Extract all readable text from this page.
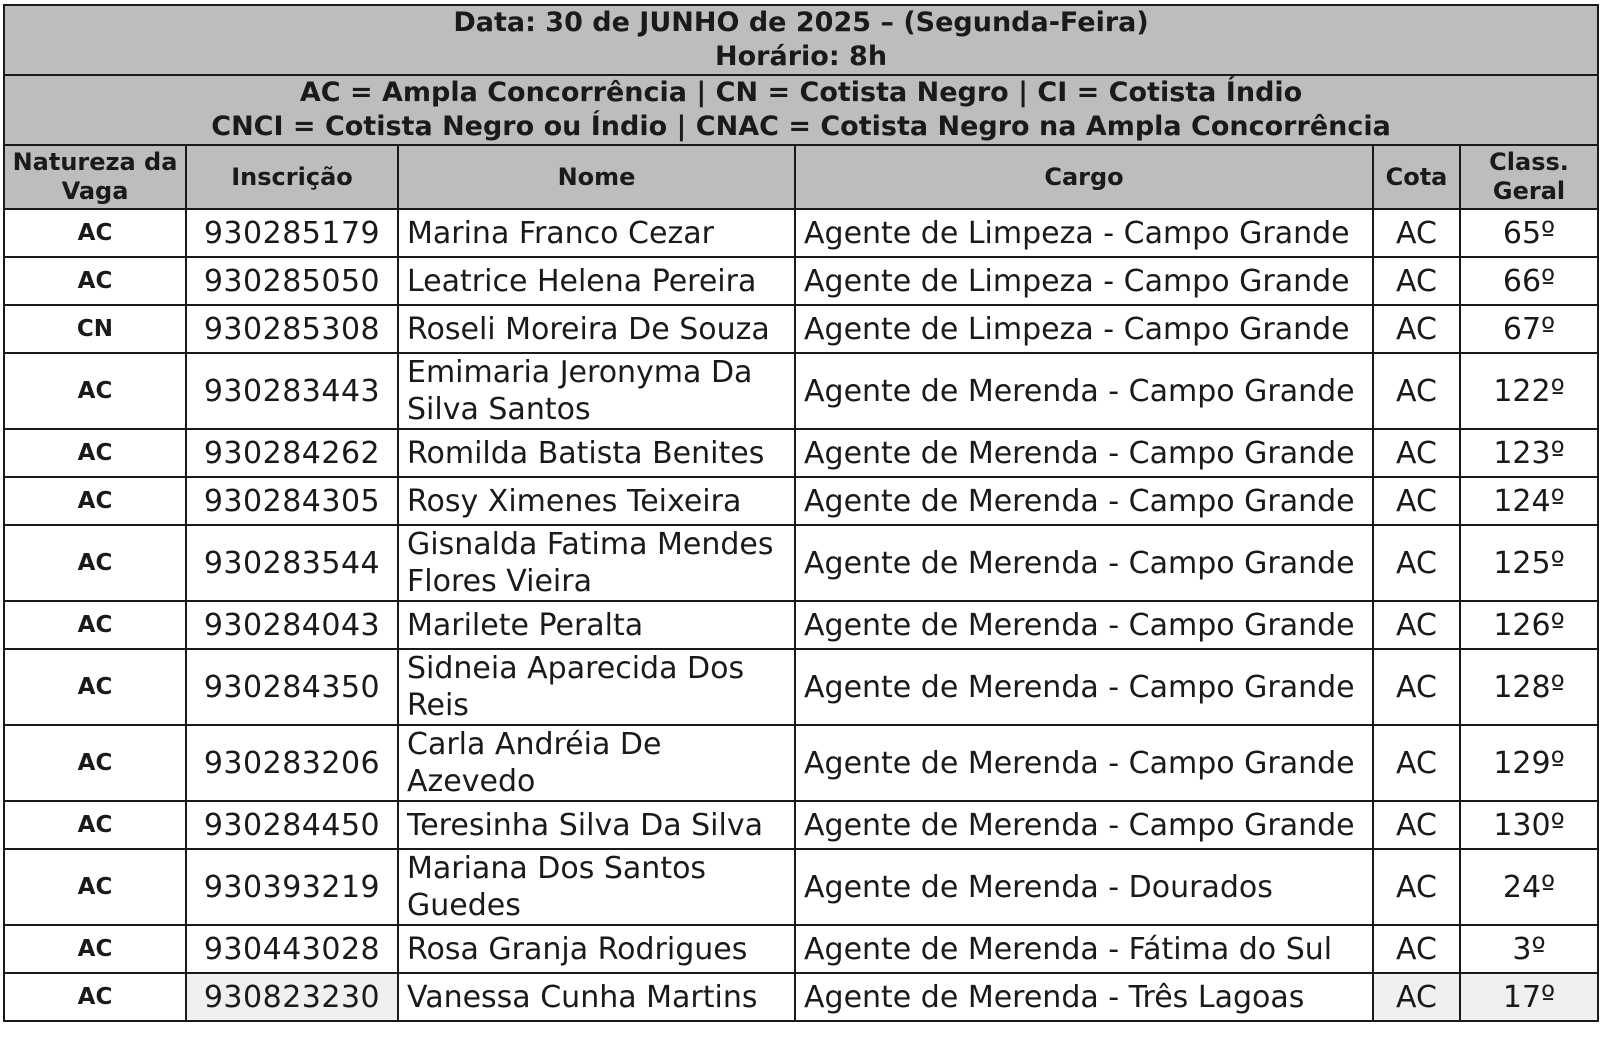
Data: 30 de JUNHO de 2025 – (Segunda-Feira)
Horário: 8h					

AC = Ampla Concorrência | CN = Cotista Negro | CI = Cotista Índio
CNCI = Cotista Negro ou Índio | CNAC = Cotista Negro na Ampla Concorrência					

Natureza da Vaga	Inscrição	Nome	Cargo	Cota	Class. Geral
AC	930285179	Marina Franco Cezar	Agente de Limpeza - Campo Grande	AC	65º
AC	930285050	Leatrice Helena Pereira	Agente de Limpeza - Campo Grande	AC	66º
CN	930285308	Roseli Moreira De Souza	Agente de Limpeza - Campo Grande	AC	67º
AC	930283443	Emimaria Jeronyma Da Silva Santos	Agente de Merenda - Campo Grande	AC	122º
AC	930284262	Romilda Batista Benites	Agente de Merenda - Campo Grande	AC	123º
AC	930284305	Rosy Ximenes Teixeira	Agente de Merenda - Campo Grande	AC	124º
AC	930283544	Gisnalda Fatima Mendes Flores Vieira	Agente de Merenda - Campo Grande	AC	125º
AC	930284043	Marilete Peralta	Agente de Merenda - Campo Grande	AC	126º
AC	930284350	Sidneia Aparecida Dos Reis	Agente de Merenda - Campo Grande	AC	128º
AC	930283206	Carla Andréia De Azevedo	Agente de Merenda - Campo Grande	AC	129º
AC	930284450	Teresinha Silva Da Silva	Agente de Merenda - Campo Grande	AC	130º
AC	930393219	Mariana Dos Santos Guedes	Agente de Merenda - Dourados	AC	24º
AC	930443028	Rosa Granja Rodrigues	Agente de Merenda - Fátima do Sul	AC	3º
AC	930823230	Vanessa Cunha Martins	Agente de Merenda - Três Lagoas	AC	17º
